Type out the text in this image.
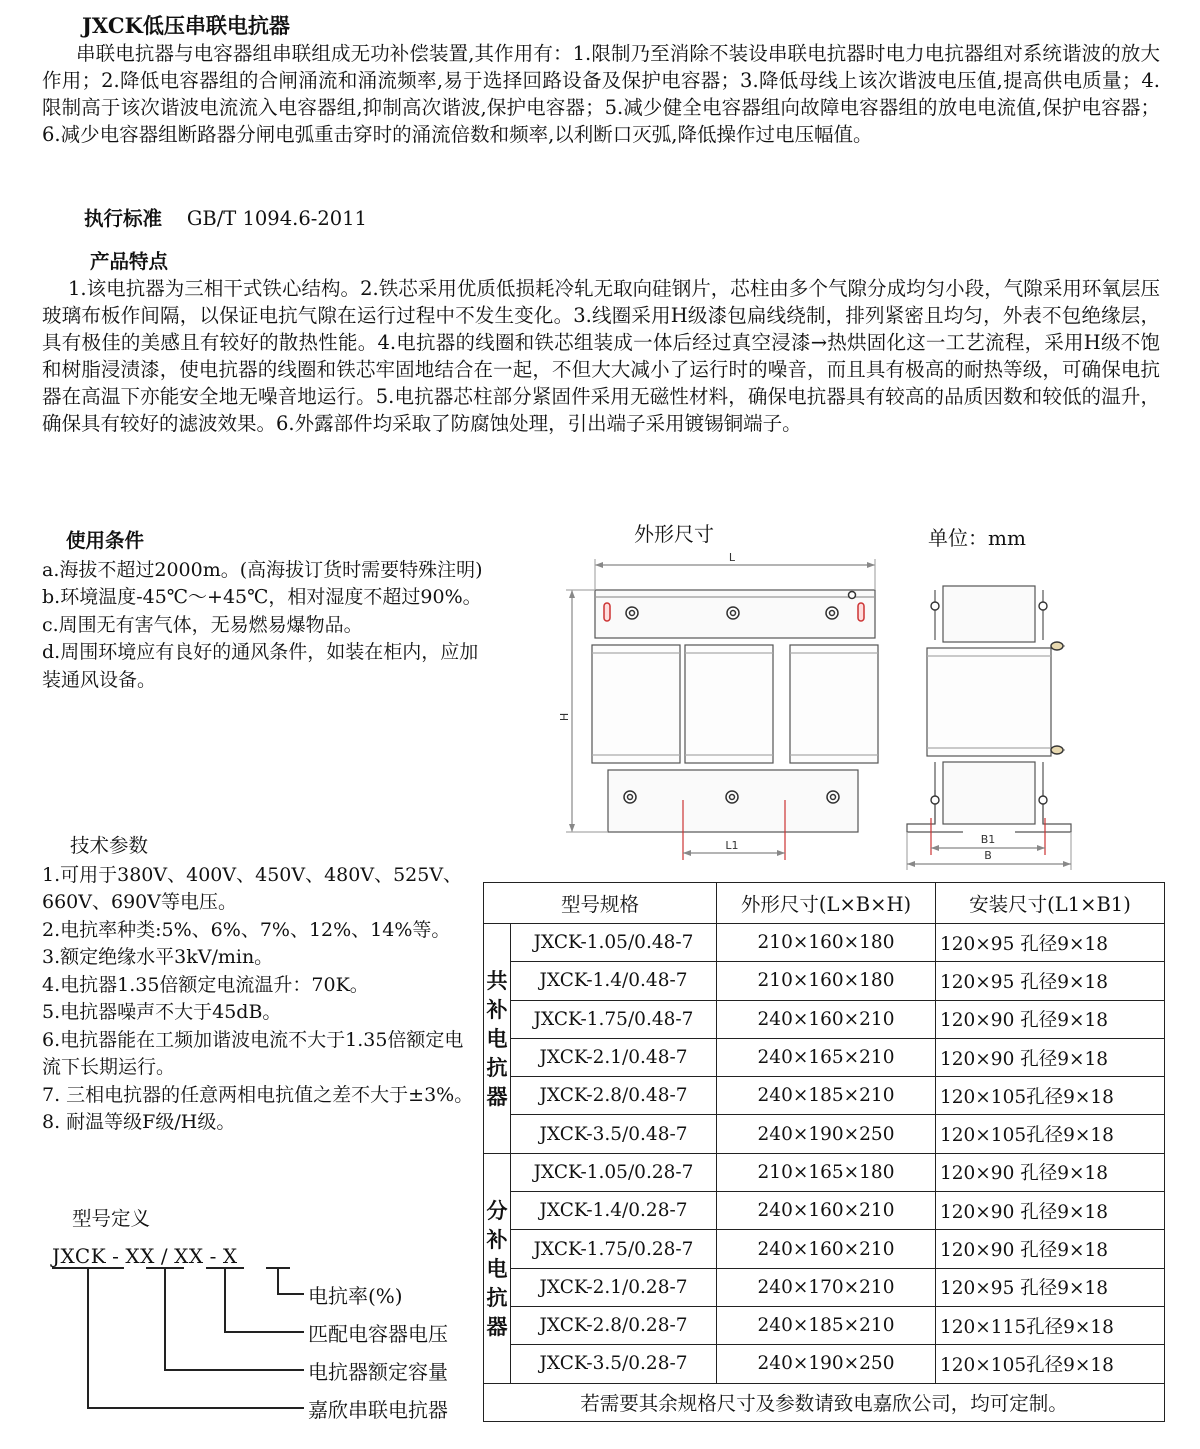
JXCK低压串联电抗器

串联电抗器与电容器组串联组成无功补偿装置,其作用有：1.限制乃至消除不装设串联电抗器时电力电抗器组对系统谐波的放大作用；2.降低电容器组的合闸涌流和涌流频率,易于选择回路设备及保护电容器；3.降低母线上该次谐波电压值,提高供电质量；4.限制高于该次谐波电流流入电容器组,抑制高次谐波,保护电容器；5.减少健全电容器组向故障电容器组的放电电流值,保护电容器；6.减少电容器组断路器分闸电弧重击穿时的涌流倍数和频率,以利断口灭弧,降低操作过电压幅值。

执行标准 GB/T 1094.6-2011
产品特点

1.该电抗器为三相干式铁心结构。2.铁芯采用优质低损耗冷轧无取向硅钢片，芯柱由多个气隙分成均匀小段，气隙采用环氧层压玻璃布板作间隔，以保证电抗气隙在运行过程中不发生变化。3.线圈采用H级漆包扁线绕制，排列紧密且均匀，外表不包绝缘层，具有极佳的美感且有较好的散热性能。4.电抗器的线圈和铁芯组装成一体后经过真空浸漆→热烘固化这一工艺流程，采用H级不饱和树脂浸渍漆，使电抗器的线圈和铁芯牢固地结合在一起，不但大大减小了运行时的噪音，而且具有极高的耐热等级，可确保电抗器在高温下亦能安全地无噪音地运行。5.电抗器芯柱部分紧固件采用无磁性材料，确保电抗器具有较高的品质因数和较低的温升，确保具有较好的滤波效果。6.外露部件均采取了防腐蚀处理，引出端子采用镀锡铜端子。

使用条件

a.海拔不超过2000m。(高海拔订货时需要特殊注明)

b.环境温度-45℃～+45℃，相对湿度不超过90%。

c.周围无有害气体，无易燃易爆物品。

d.周围环境应有良好的通风条件，如装在柜内，应加装通风设备。

外形尺寸	单位：mm
L
H
L1	B1
B
技术参数

1.可用于380V、400V、450V、480V、525V、660V、690V等电压。

2.电抗率种类:5%、6%、7%、12%、14%等。

3.额定绝缘水平3kV/min。

4.电抗器1.35倍额定电流温升：70K。

5.电抗器噪声不大于45dB。

6.电抗器能在工频加谐波电流不大于1.35倍额定电流下长期运行。

7. 三相电抗器的任意两相电抗值之差不大于±3%。

8. 耐温等级F级/H级。

型号定义
JXCK - XX / XX - X
电抗率(%)
匹配电容器电压
电抗器额定容量
嘉欣串联电抗器
型号规格		外形尺寸(L×B×H)	安装尺寸(L1×B1)
共补电抗器	JXCK-1.05/0.48-7	210×160×180	120×95 孔径9×18
	JXCK-1.4/0.48-7	210×160×180	120×95 孔径9×18
	JXCK-1.75/0.48-7	240×160×210	120×90 孔径9×18
	JXCK-2.1/0.48-7	240×165×210	120×90 孔径9×18
	JXCK-2.8/0.48-7	240×185×210	120×105孔径9×18
	JXCK-3.5/0.48-7	240×190×250	120×105孔径9×18
分补电抗器	JXCK-1.05/0.28-7	210×165×180	120×90 孔径9×18
	JXCK-1.4/0.28-7	240×160×210	120×90 孔径9×18
	JXCK-1.75/0.28-7	240×160×210	120×90 孔径9×18
	JXCK-2.1/0.28-7	240×170×210	120×95 孔径9×18
	JXCK-2.8/0.28-7	240×185×210	120×115孔径9×18
	JXCK-3.5/0.28-7	240×190×250	120×105孔径9×18
若需要其余规格尺寸及参数请致电嘉欣公司，均可定制。			
